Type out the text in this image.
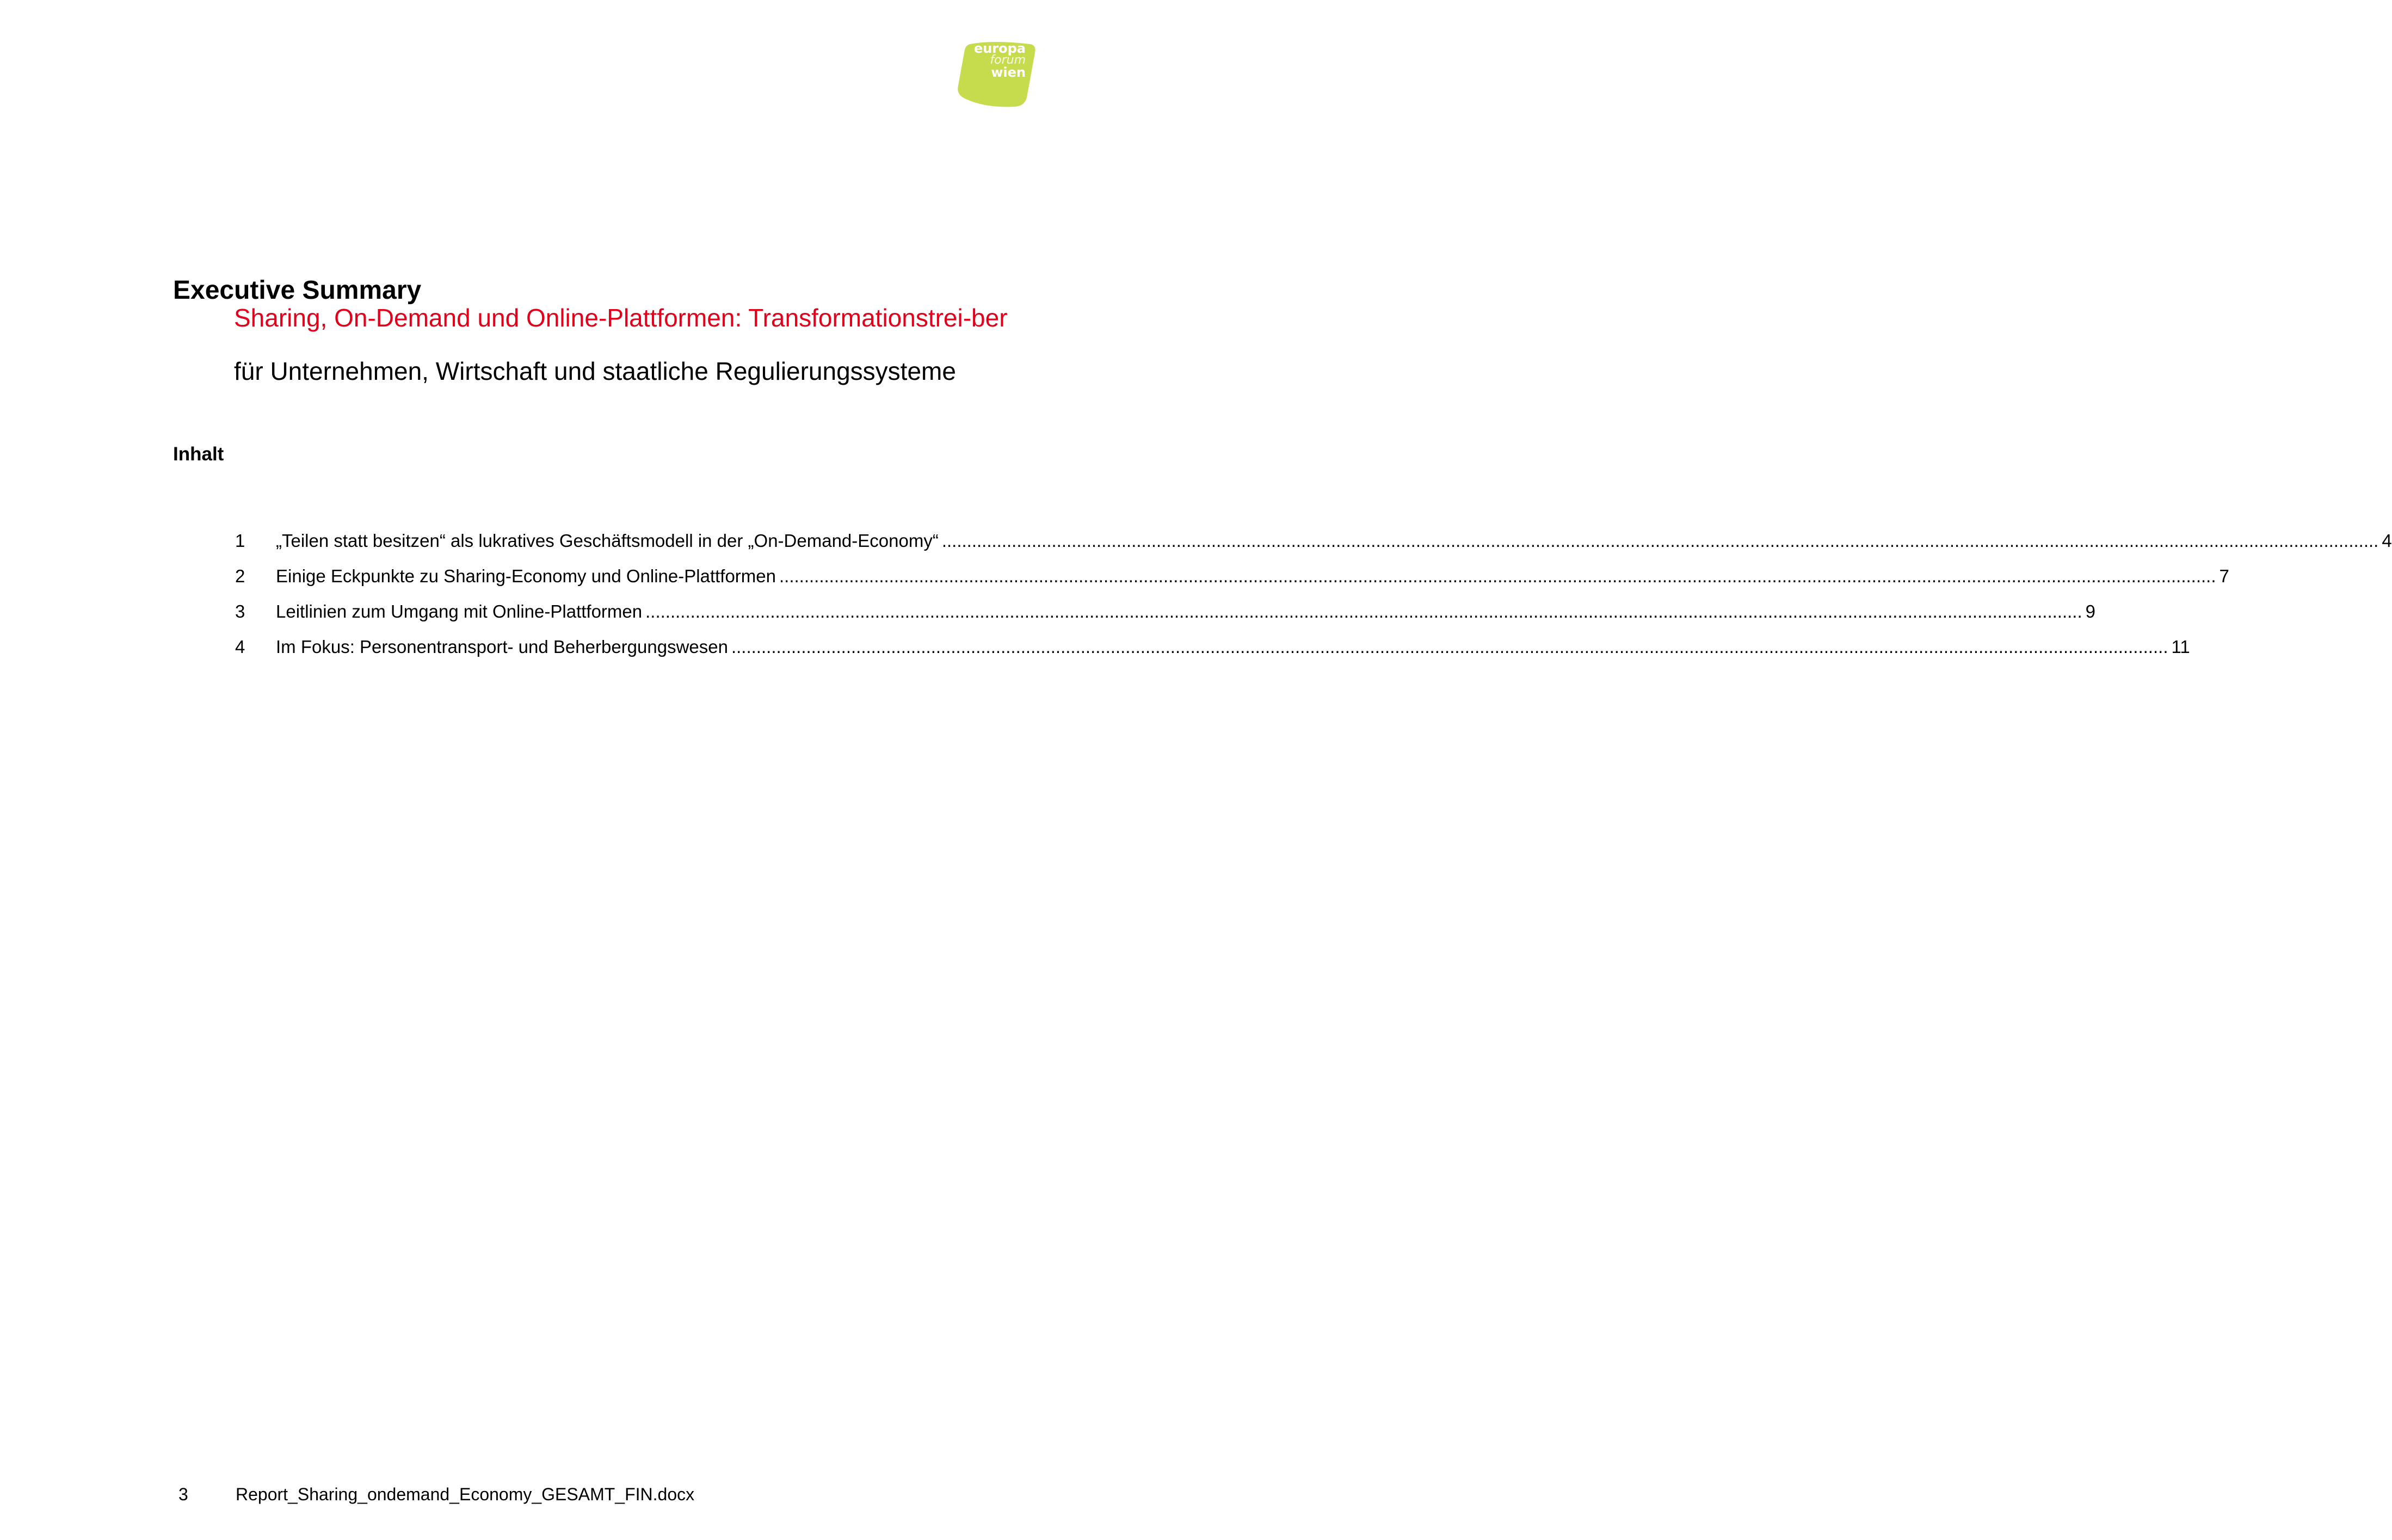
europa
forum
wien
Executive Summary
Sharing, On-Demand und Online-Plattformen: Transformationstrei-ber
für Unternehmen, Wirtschaft und staatliche Regulierungssysteme
Inhalt
1	„Teilen statt besitzen“ als lukratives Geschäftsmodell in der „On-Demand-Economy“ ................................................................................................................................................................................................................................................................................................ 4
2	Einige Eckpunkte zu Sharing-Economy und Online-Plattformen ................................................................................................................................................................................................................................................................................................ 7
3	Leitlinien zum Umgang mit Online-Plattformen ................................................................................................................................................................................................................................................................................................ 9
4	Im Fokus: Personentransport- und Beherbergungswesen ................................................................................................................................................................................................................................................................................................ 11
3	Report_Sharing_ondemand_Economy_GESAMT_FIN.docx
